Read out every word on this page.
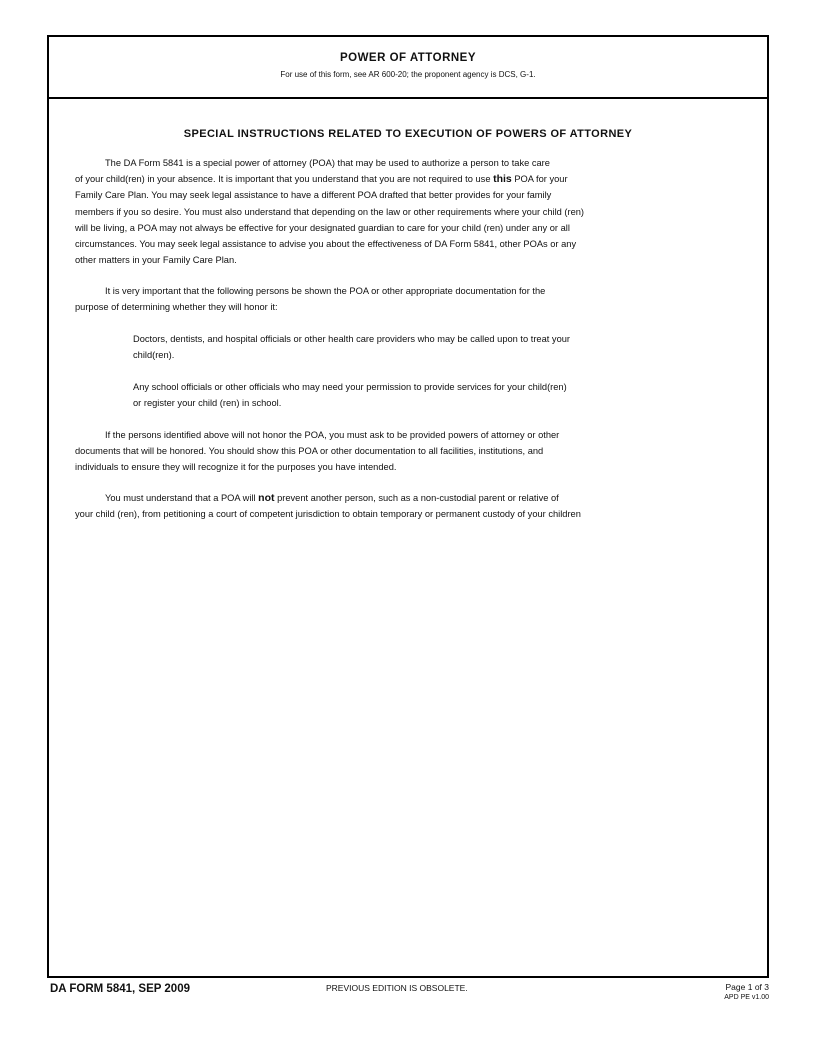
POWER OF ATTORNEY
For use of this form, see AR 600-20; the proponent agency is DCS, G-1.
SPECIAL INSTRUCTIONS RELATED TO EXECUTION OF POWERS OF ATTORNEY
The DA Form 5841 is a special power of attorney (POA) that may be used to authorize a person to take care
of your child(ren) in your absence. It is important that you understand that you are not required to use this POA for your
Family Care Plan. You may seek legal assistance to have a different POA drafted that better provides for your family
members if you so desire. You must also understand that depending on the law or other requirements where your child (ren)
will be living, a POA may not always be effective for your designated guardian to care for your child (ren) under any or all
circumstances. You may seek legal assistance to advise you about the effectiveness of DA Form 5841, other POAs or any
other matters in your Family Care Plan.
It is very important that the following persons be shown the POA or other appropriate documentation for the
purpose of determining whether they will honor it:
Doctors, dentists, and hospital officials or other health care providers who may be called upon to treat your
child(ren).
Any school officials or other officials who may need your permission to provide services for your child(ren)
or register your child (ren) in school.
If the persons identified above will not honor the POA, you must ask to be provided powers of attorney or other
documents that will be honored. You should show this POA or other documentation to all facilities, institutions, and
individuals to ensure they will recognize it for the purposes you have intended.
You must understand that a POA will not prevent another person, such as a non-custodial parent or relative of
your child (ren), from petitioning a court of competent jurisdiction to obtain temporary or permanent custody of your children
DA FORM 5841, SEP 2009	PREVIOUS EDITION IS OBSOLETE.	Page 1 of 3
APD PE v1.00
